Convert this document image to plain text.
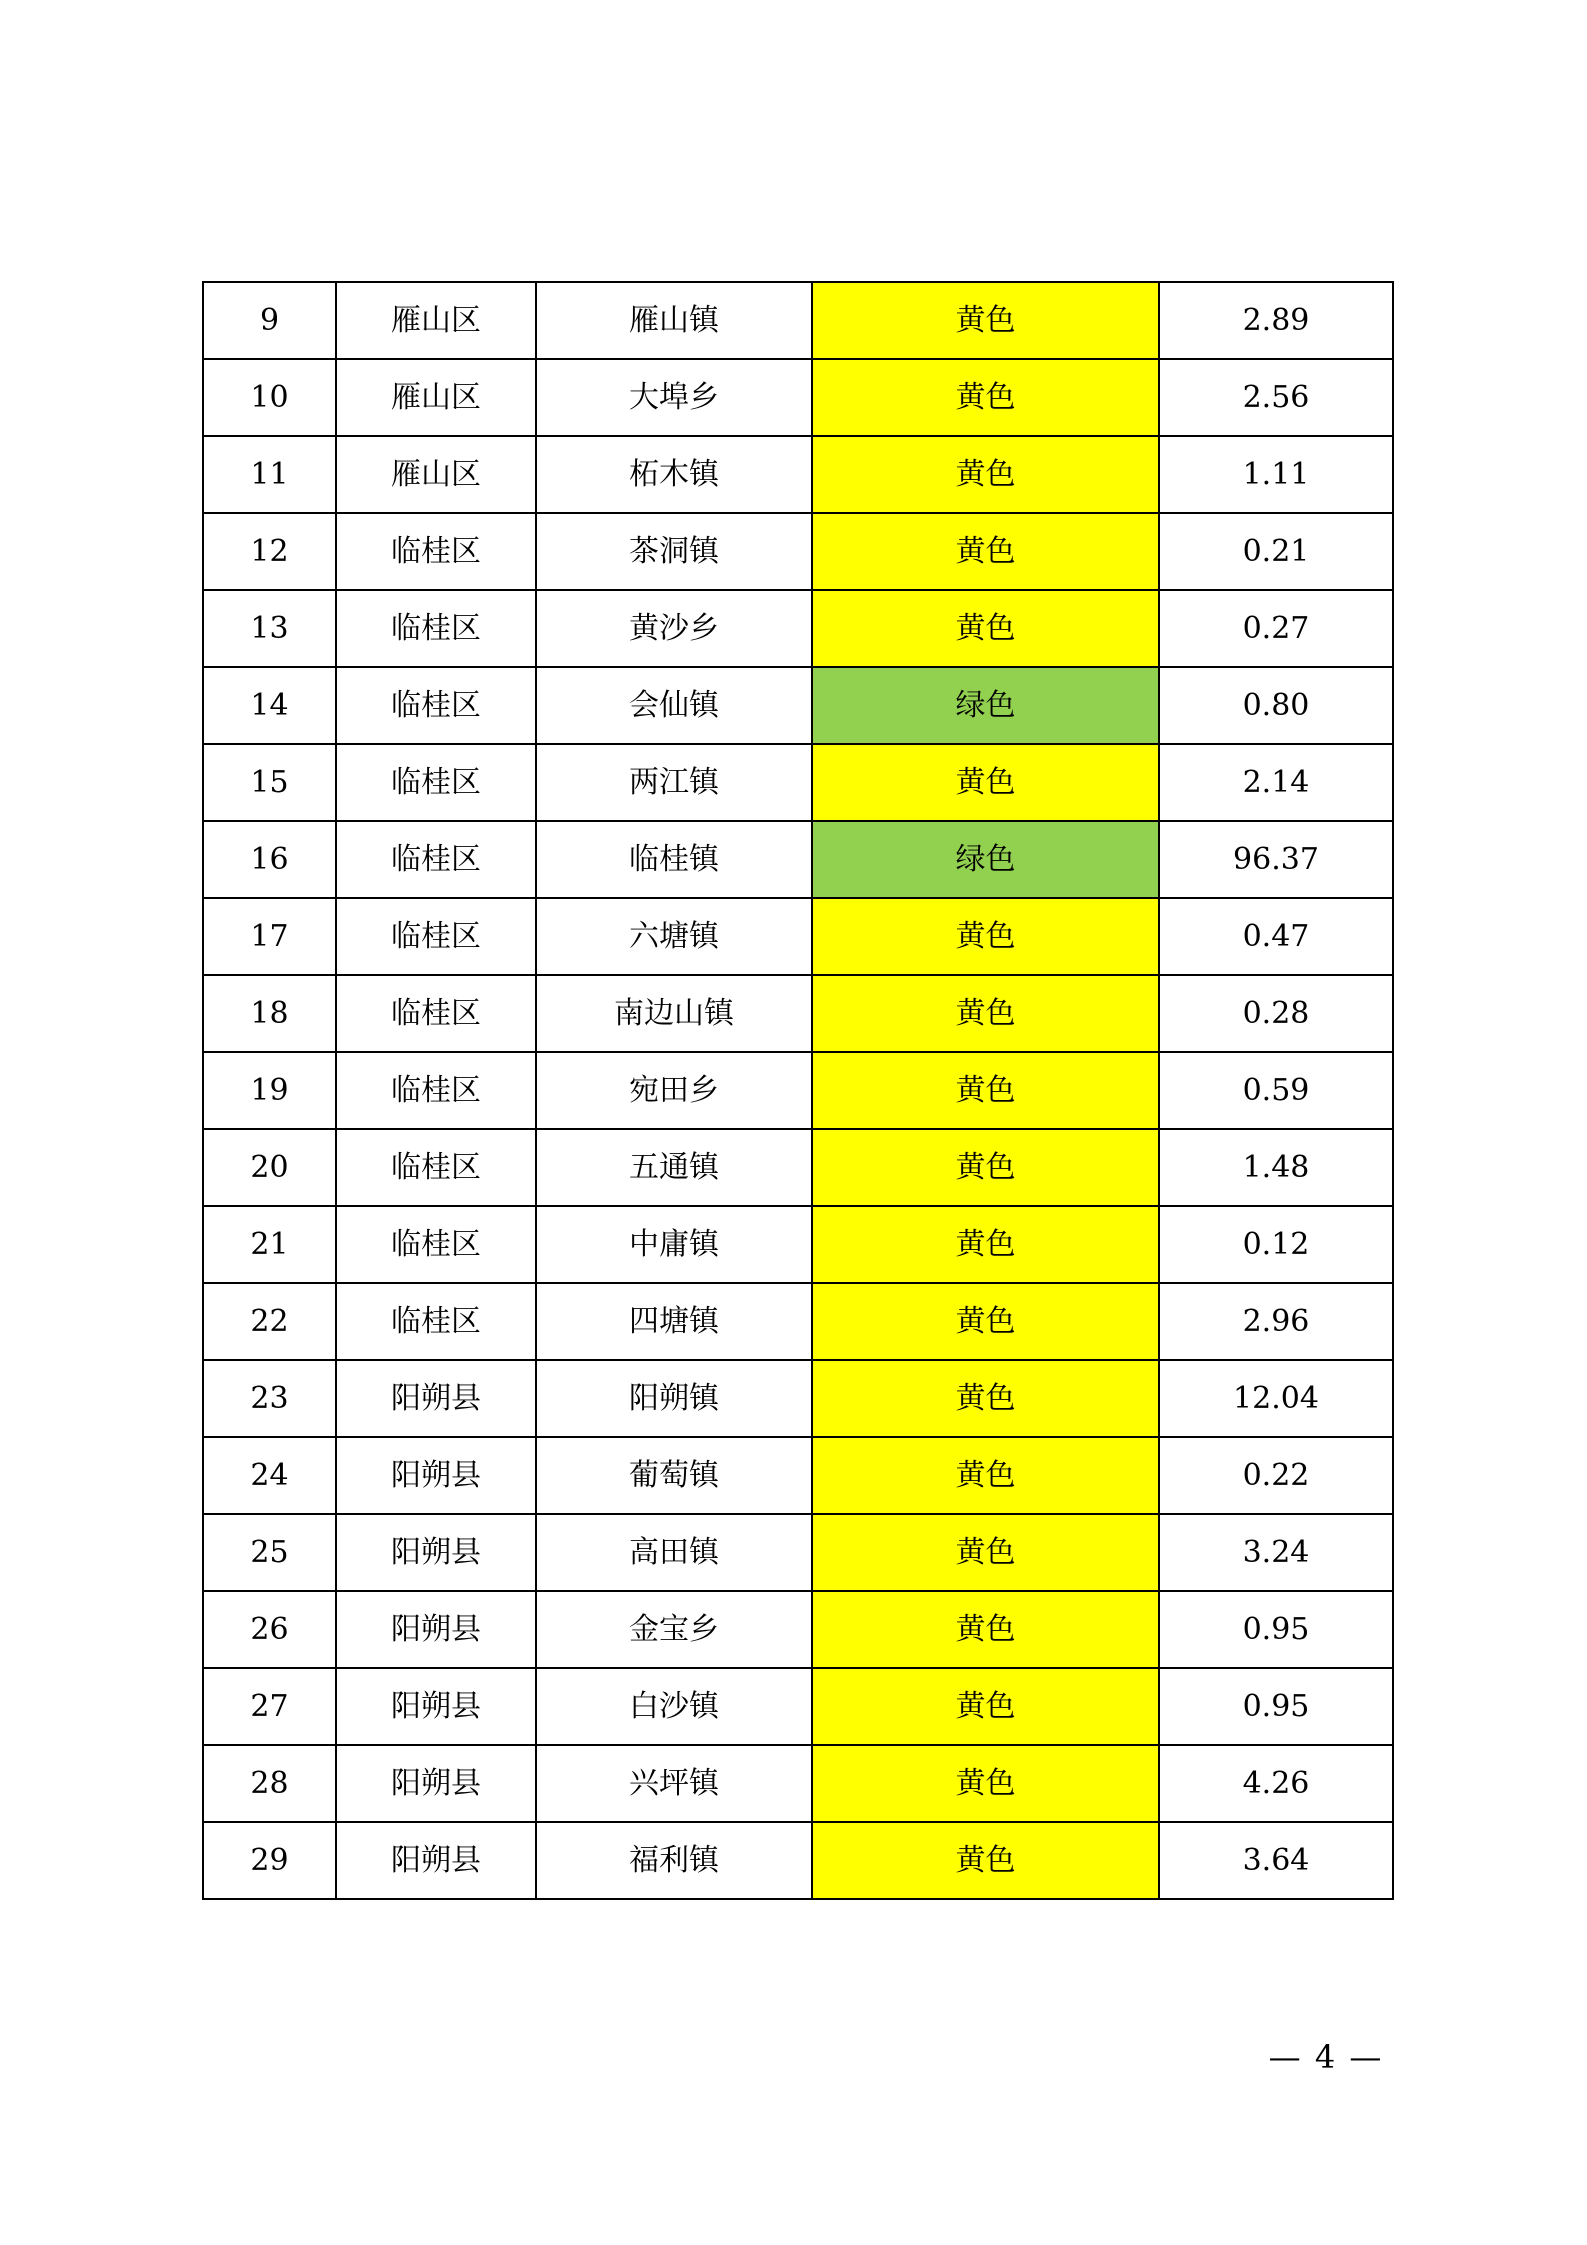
9	雁山区	雁山镇	黄色	2.89
10	雁山区	大埠乡	黄色	2.56
11	雁山区	柘木镇	黄色	1.11
12	临桂区	茶洞镇	黄色	0.21
13	临桂区	黄沙乡	黄色	0.27
14	临桂区	会仙镇	绿色	0.80
15	临桂区	两江镇	黄色	2.14
16	临桂区	临桂镇	绿色	96.37
17	临桂区	六塘镇	黄色	0.47
18	临桂区	南边山镇	黄色	0.28
19	临桂区	宛田乡	黄色	0.59
20	临桂区	五通镇	黄色	1.48
21	临桂区	中庸镇	黄色	0.12
22	临桂区	四塘镇	黄色	2.96
23	阳朔县	阳朔镇	黄色	12.04
24	阳朔县	葡萄镇	黄色	0.22
25	阳朔县	高田镇	黄色	3.24
26	阳朔县	金宝乡	黄色	0.95
27	阳朔县	白沙镇	黄色	0.95
28	阳朔县	兴坪镇	黄色	4.26
29	阳朔县	福利镇	黄色	3.64
— 4 —
